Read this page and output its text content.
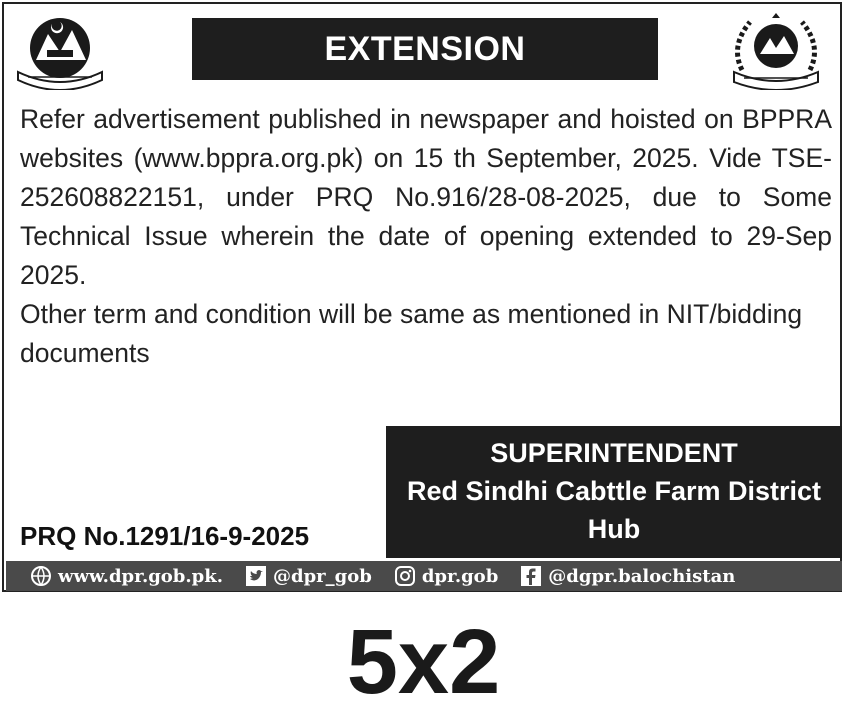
EXTENSION

Refer advertisement published in newspaper and hoisted on BPPRA websites (www.bppra.org.pk) on 15 th September, 2025. Vide TSE-252608822151, under PRQ No.916/28-08-2025, due to Some Technical Issue wherein the date of opening extended to 29-Sep 2025.

Other term and condition will be same as mentioned in NIT/bidding documents

SUPERINTENDENT
Red Sindhi Cabttle Farm District
Hub
PRQ No.1291/16-9-2025
www.dpr.gob.pk.	@dpr_gob	dpr.gob	@dgpr.balochistan
5x2
